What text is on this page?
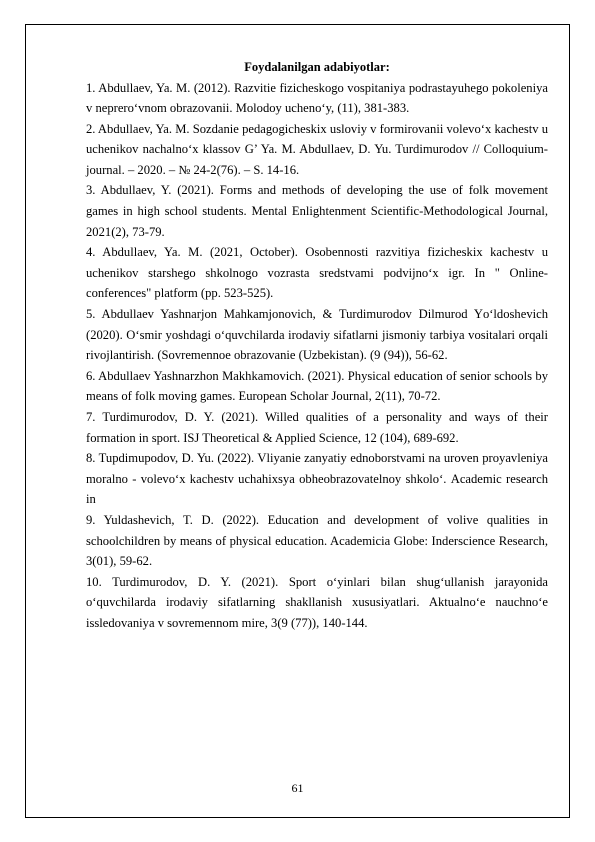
Foydalanilgan adabiyotlar:

1. Abdullaev, Ya. M. (2012). Razvitie fizicheskogo vospitaniya podrastayuhego pokoleniya v neprerо‘vnom obrazovanii. Molodoy uchenо‘y, (11), 381-383.

2. Abdullaev, Ya. M. Sozdanie pedagogicheskix usloviy v formirovanii volevо‘x kachestv u uchenikov nachalnо‘x klassov G’ Ya. M. Abdullaev, D. Yu. Turdimurodov // Colloquium-journal. – 2020. – № 24-2(76). – S. 14-16.

3. Abdullaev, Y. (2021). Forms and methods of developing the use of folk movement games in high school students. Mental Enlightenment Scientific-Methodological Journal, 2021(2), 73-79.

4. Abdullaev, Ya. M. (2021, October). Osobennosti razvitiya fizicheskix kachestv u uchenikov starshego shkolnogo vozrasta sredstvami podvijnо‘x igr. In " Online-conferences" platform (pp. 523-525).

5. Abdullaev Yashnarjon Mahkamjonovich, & Turdimurodov Dilmurod Yо‘ldoshevich (2020). O‘smir yoshdagi o‘quvchilarda irodaviy sifatlarni jismoniy tarbiya vositalari orqali rivojlantirish. (Sovremennoe obrazovanie (Uzbekistan). (9 (94)), 56-62.

6. Abdullaev Yashnarzhon Makhkamovich. (2021). Physical education of senior schools by means of folk moving games. European Scholar Journal, 2(11), 70-72.

7. Turdimurodov, D. Y. (2021). Willed qualities of a personality and ways of their formation in sport. ISJ Theoretical & Applied Science, 12 (104), 689-692.

8. Tupdimupodov, D. Yu. (2022). Vliyanie zanyatiy ednoborstvami na uroven proyavleniya moralno - volevо‘x kachestv uchahixsya obheobrazovatelnoy shkolо‘. Academic research in

9. Yuldashevich, T. D. (2022). Education and development of volive qualities in schoolchildren by means of physical education. Academicia Globe: Inderscience Research, 3(01), 59-62.

10. Turdimurodov, D. Y. (2021). Sport o‘yinlari bilan shug‘ullanish jarayonida o‘quvchilarda irodaviy sifatlarning shakllanish xususiyatlari. Aktualnо‘e nauchnо‘e issledovaniya v sovremennom mire, 3(9 (77)), 140-144.

61
